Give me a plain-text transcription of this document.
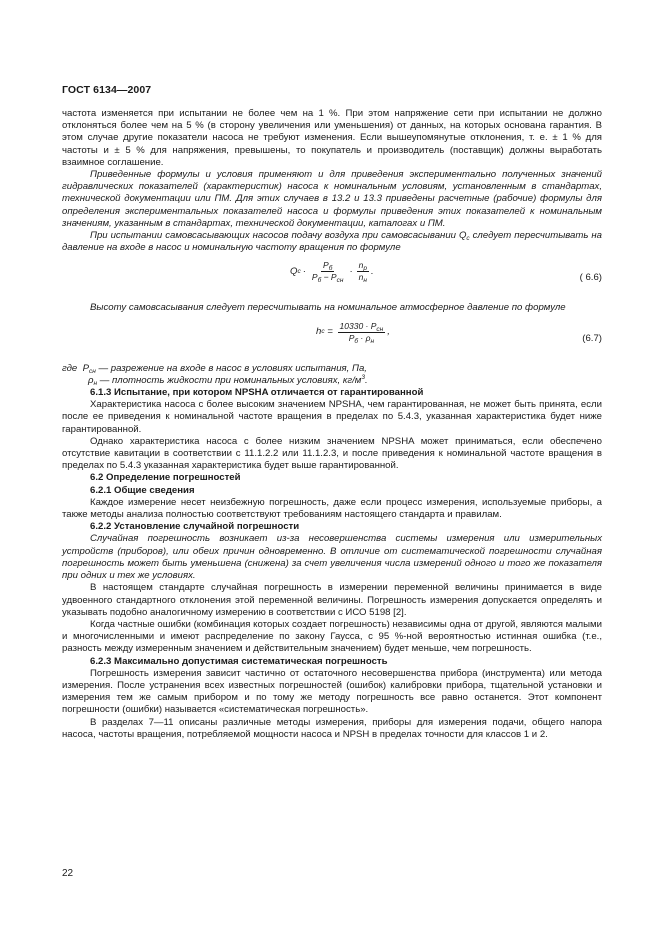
ГОСТ 6134—2007

частота изменяется при испытании не более чем на 1 %. При этом напряжение сети при испытании не должно отклоняться более чем на 5 % (в сторону увеличения или уменьшения) от данных, на которых основана гарантия. В этом случае другие показатели насоса не требуют изменения. Если вышеупомянутые отклонения, т. е. ± 1 % для частоты и ± 5 % для напряжения, превышены, то покупатель и производитель (поставщик) должны выработать взаимное соглашение.

Приведенные формулы и условия применяют и для приведения экспериментально полученных значений гидравлических показателей (характеристик) насоса к номинальным условиям, установленным в стандартах, технической документации или ПМ. Для этих случаев в 13.2 и 13.3 приведены расчетные (рабочие) формулы для определения экспериментальных показателей насоса и формулы приведения этих показателей к номинальным значениям, указанным в стандартах, технической документации, каталогах и ПМ.

При испытании самовсасывающих насосов подачу воздуха при самовсасывании $Q_c$ следует пересчитывать на давление на входе в насос и номинальную частоту вращения по формуле

Q $c \cdot \frac{P_б}{P_б - P_{сн}} \cdot \frac{n_p}{n_н}$ .
( 6.6)

Высоту самовсасывания следует пересчитывать на номинальное атмосферное давление по формуле

h $c = \frac{10330 \cdot P_{сн}}{P_б \cdot \rho_н}$ ,
(6.7)

где  $P_{сн}$ — разрежение на входе в насос в условиях испытания, Па,

$\rho_н$ — плотность жидкости при номинальных условиях, $кг/м^3$.

6.1.3 Испытание, при котором NPSHA отличается от гарантированной

Характеристика насоса с более высоким значением NPSHA, чем гарантированная, не может быть принята, если после ее приведения к номинальной частоте вращения в пределах по 5.4.3, указанная характеристика будет ниже гарантированной.

Однако характеристика насоса с более низким значением NPSHA может приниматься, если обеспечено отсутствие кавитации в соответствии с 11.1.2.2 или 11.1.2.3, и после приведения к номинальной частоте вращения в пределах по 5.4.3 указанная характеристика будет выше гарантированной.

6.2 Определение погрешностей

6.2.1 Общие сведения

Каждое измерение несет неизбежную погрешность, даже если процесс измерения, используемые приборы, а также методы анализа полностью соответствуют требованиям настоящего стандарта и правилам.

6.2.2 Установление случайной погрешности

Случайная погрешность возникает из-за несовершенства системы измерения или измерительных устройств (приборов), или обеих причин одновременно. В отличие от систематической погрешности случайная погрешность может быть уменьшена (снижена) за счет увеличения числа измерений одного и того же показателя при одних и тех же условиях.

В настоящем стандарте случайная погрешность в измерении переменной величины принимается в виде удвоенного стандартного отклонения этой переменной величины. Погрешность измерения допускается определять и указывать подобно аналогичному измерению в соответствии с ИСО 5198 [2].

Когда частные ошибки (комбинация которых создает погрешность) независимы одна от другой, являются малыми и многочисленными и имеют распределение по закону Гаусса, с 95 %-ной вероятностью истинная ошибка (т.е., разность между измеренным значением и действительным значением) будет меньше, чем погрешность.

6.2.3 Максимально допустимая систематическая погрешность

Погрешность измерения зависит частично от остаточного несовершенства прибора (инструмента) или метода измерения. После устранения всех известных погрешностей (ошибок) калибровки прибора, тщательной установки и измерения тем же самым прибором и по тому же методу погрешность все равно останется. Этот компонент погрешности (ошибки) называется «систематическая погрешность».

В разделах 7—11 описаны различные методы измерения, приборы для измерения подачи, общего напора насоса, частоты вращения, потребляемой мощности насоса и NPSH в пределах точности для классов 1 и 2.

22
